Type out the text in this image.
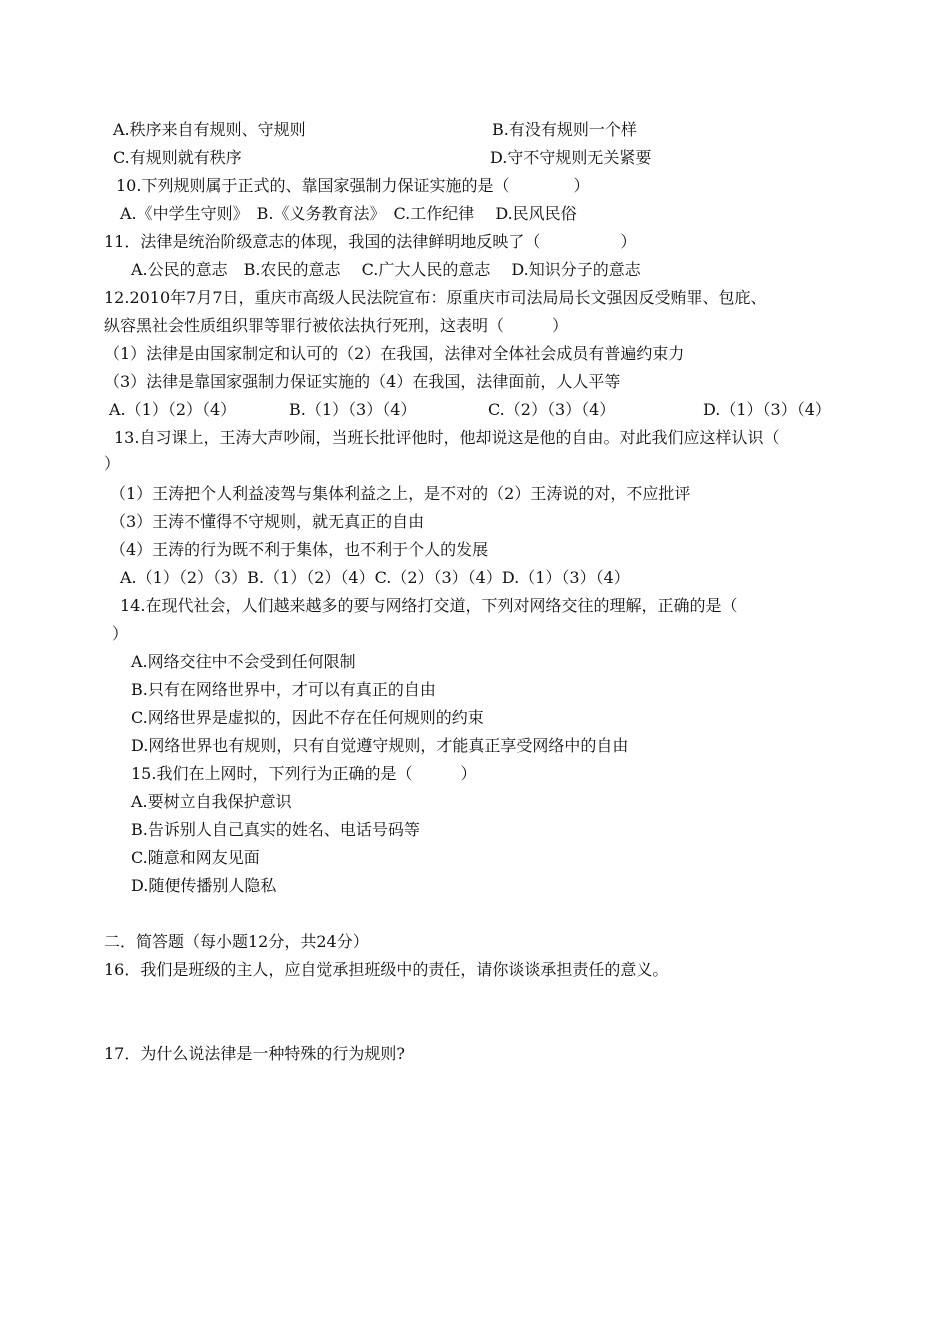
A.秩序来自有规则、守规则	B.有没有规则一个样
C.有规则就有秩序	D.守不守规则无关紧要
10.下列规则属于正式的、靠国家强制力保证实施的是（　　　　）
A.《中学生守则》　B.《义务教育法》　C.工作纪律　 D.民风民俗
11．法律是统治阶级意志的体现，我国的法律鲜明地反映了（　　　　　）
A.公民的意志　B.农民的意志　 C.广大人民的意志　 D.知识分子的意志
12.2010年7月7日，重庆市高级人民法院宣布：原重庆市司法局局长文强因反受贿罪、包庇、
纵容黑社会性质组织罪等罪行被依法执行死刑，这表明（　　　）
（1）法律是由国家制定和认可的（2）在我国，法律对全体社会成员有普遍约束力
（3）法律是靠国家强制力保证实施的（4）在我国，法律面前，人人平等
A.（1）（2）（4）	B.（1）（3）（4）	C.（2）（3）（4）	D.（1）（3）（4）
13.自习课上，王涛大声吵闹，当班长批评他时，他却说这是他的自由。对此我们应这样认识（
）
（1）王涛把个人利益凌驾与集体利益之上，是不对的（2）王涛说的对，不应批评
（3）王涛不懂得不守规则，就无真正的自由
（4）王涛的行为既不利于集体，也不利于个人的发展
A.（1）（2）（3）B.（1）（2）（4）C.（2）（3）（4）D.（1）（3）（4）
14.在现代社会，人们越来越多的要与网络打交道，下列对网络交往的理解，正确的是（
）
A.网络交往中不会受到任何限制
B.只有在网络世界中，才可以有真正的自由
C.网络世界是虚拟的，因此不存在任何规则的约束
D.网络世界也有规则，只有自觉遵守规则，才能真正享受网络中的自由
15.我们在上网时，下列行为正确的是（　　　）
A.要树立自我保护意识
B.告诉别人自己真实的姓名、电话号码等
C.随意和网友见面
D.随便传播别人隐私
二．简答题（每小题12分，共24分）
16．我们是班级的主人，应自觉承担班级中的责任，请你谈谈承担责任的意义。
17．为什么说法律是一种特殊的行为规则?
